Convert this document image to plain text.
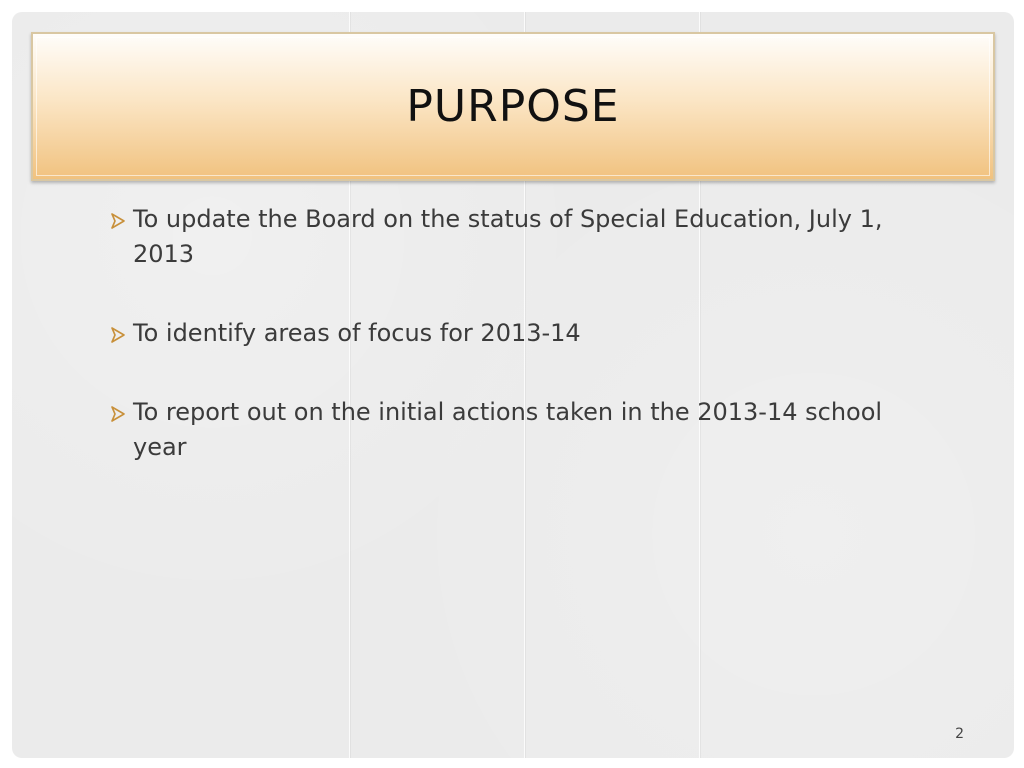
PURPOSE
To update the Board on the status of Special Education, July 1, 2013
To identify areas of focus for 2013-14
To report out on the initial actions taken in the 2013-14 school year
2
